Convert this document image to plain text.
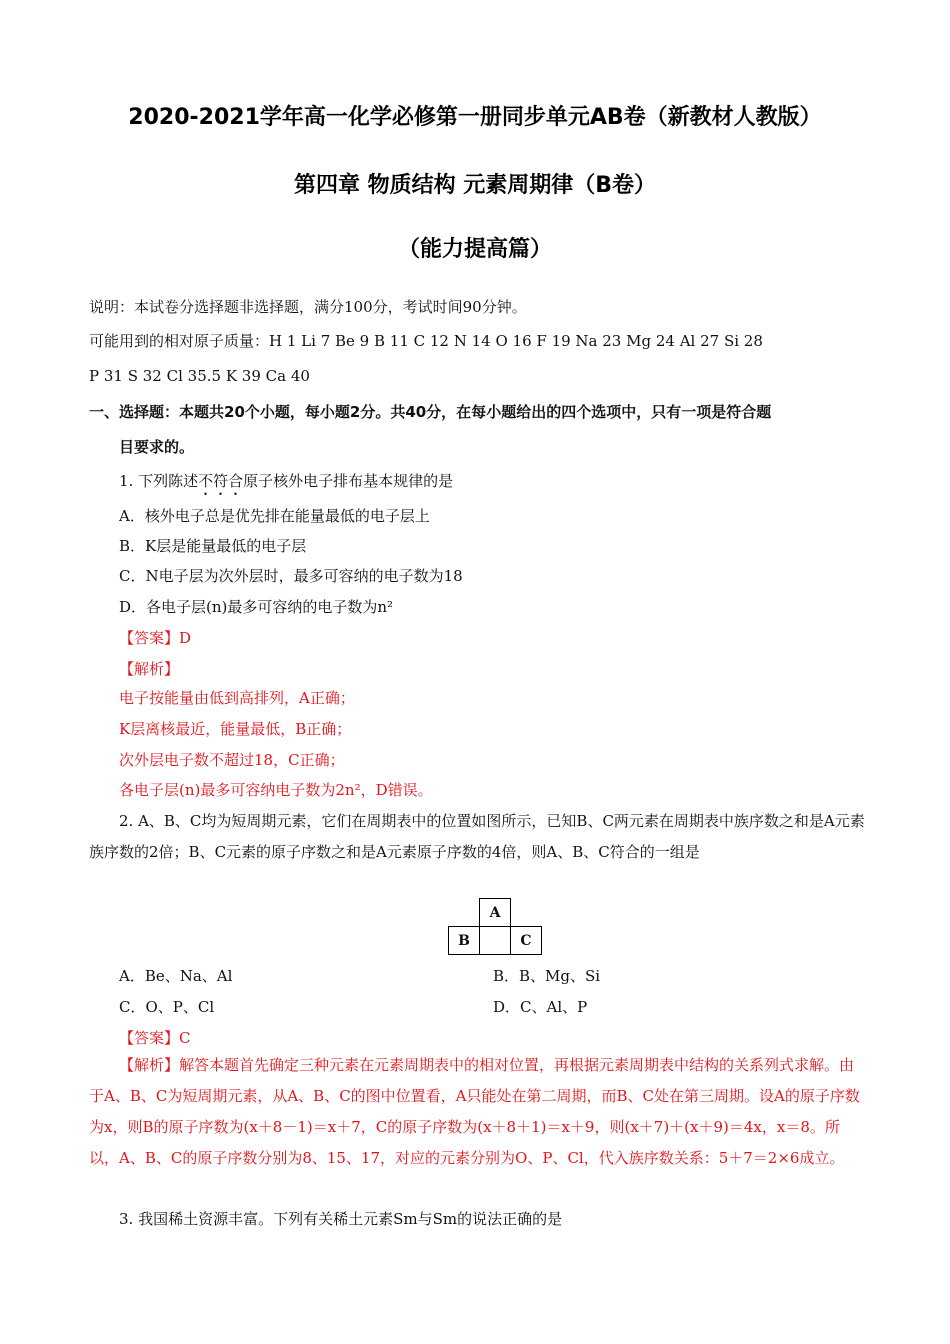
2020-2021学年高一化学必修第一册同步单元AB卷（新教材人教版）
第四章 物质结构 元素周期律（B卷）
（能力提高篇）
说明：本试卷分选择题非选择题，满分100分，考试时间90分钟。
可能用到的相对原子质量：H 1 Li 7 Be 9 B 11 C 12 N 14 O 16 F 19 Na 23 Mg 24 Al 27 Si 28
P 31 S 32 Cl 35.5 K 39 Ca 40
一、选择题：本题共20个小题，每小题2分。共40分，在每小题给出的四个选项中，只有一项是符合题
目要求的。
1. 下列陈述不符合原子核外电子排布基本规律的是
A．核外电子总是优先排在能量最低的电子层上
B．K层是能量最低的电子层
C．N电子层为次外层时，最多可容纳的电子数为18
D．各电子层(n)最多可容纳的电子数为n²
【答案】D
【解析】
电子按能量由低到高排列，A正确；
K层离核最近，能量最低，B正确；
次外层电子数不超过18，C正确；
各电子层(n)最多可容纳电子数为2n²，D错误。
2. A、B、C均为短周期元素，它们在周期表中的位置如图所示，已知B、C两元素在周期表中族序数之和是A元素族序数的2倍；B、C元素的原子序数之和是A元素原子序数的4倍，则A、B、C符合的一组是
	A	
B		C
A．Be、Na、Al	B．B、Mg、Si
C．O、P、Cl	D．C、Al、P
【答案】C
【解析】解答本题首先确定三种元素在元素周期表中的相对位置，再根据元素周期表中结构的关系列式求解。由于A、B、C为短周期元素，从A、B、C的图中位置看，A只能处在第二周期，而B、C处在第三周期。设A的原子序数为x，则B的原子序数为(x＋8－1)＝x＋7，C的原子序数为(x＋8＋1)＝x＋9，则(x＋7)＋(x＋9)＝4x，x＝8。所以，A、B、C的原子序数分别为8、15、17，对应的元素分别为O、P、Cl，代入族序数关系：5＋7＝2×6成立。
3. 我国稀土资源丰富。下列有关稀土元素Sm与Sm的说法正确的是
